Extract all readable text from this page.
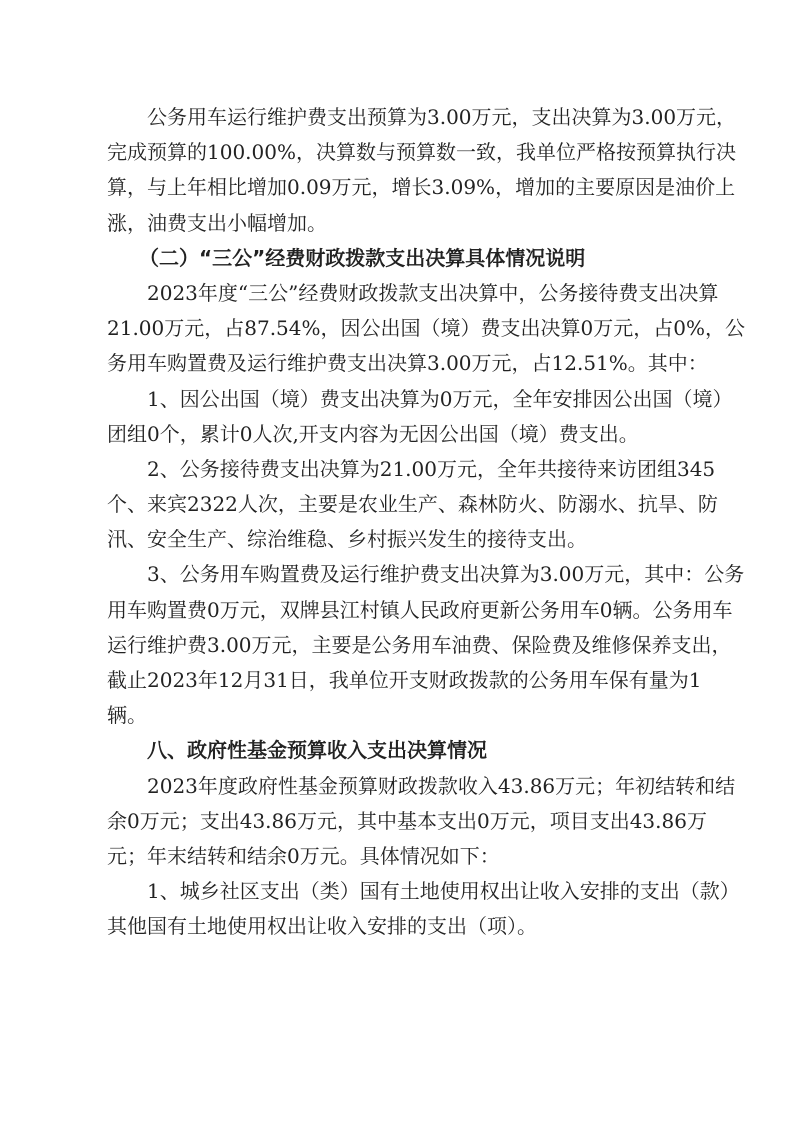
公务用车运行维护费支出预算为3.00万元，支出决算为3.00万元，
完成预算的100.00%，决算数与预算数一致，我单位严格按预算执行决
算，与上年相比增加0.09万元，增长3.09%，增加的主要原因是油价上
涨，油费支出小幅增加。
（二）“三公”经费财政拨款支出决算具体情况说明
2023年度“三公”经费财政拨款支出决算中，公务接待费支出决算
21.00万元，占87.54%，因公出国（境）费支出决算0万元，占0%，公
务用车购置费及运行维护费支出决算3.00万元，占12.51%。其中：
1、因公出国（境）费支出决算为0万元，全年安排因公出国（境）
团组0个，累计0人次,开支内容为无因公出国（境）费支出。
2、公务接待费支出决算为21.00万元，全年共接待来访团组345
个、来宾2322人次，主要是农业生产、森林防火、防溺水、抗旱、防
汛、安全生产、综治维稳、乡村振兴发生的接待支出。
3、公务用车购置费及运行维护费支出决算为3.00万元，其中：公务
用车购置费0万元，双牌县江村镇人民政府更新公务用车0辆。公务用车
运行维护费3.00万元，主要是公务用车油费、保险费及维修保养支出，
截止2023年12月31日，我单位开支财政拨款的公务用车保有量为1
辆。
八、政府性基金预算收入支出决算情况
2023年度政府性基金预算财政拨款收入43.86万元；年初结转和结
余0万元；支出43.86万元，其中基本支出0万元，项目支出43.86万
元；年末结转和结余0万元。具体情况如下：
1、城乡社区支出（类）国有土地使用权出让收入安排的支出（款）
其他国有土地使用权出让收入安排的支出（项）。
